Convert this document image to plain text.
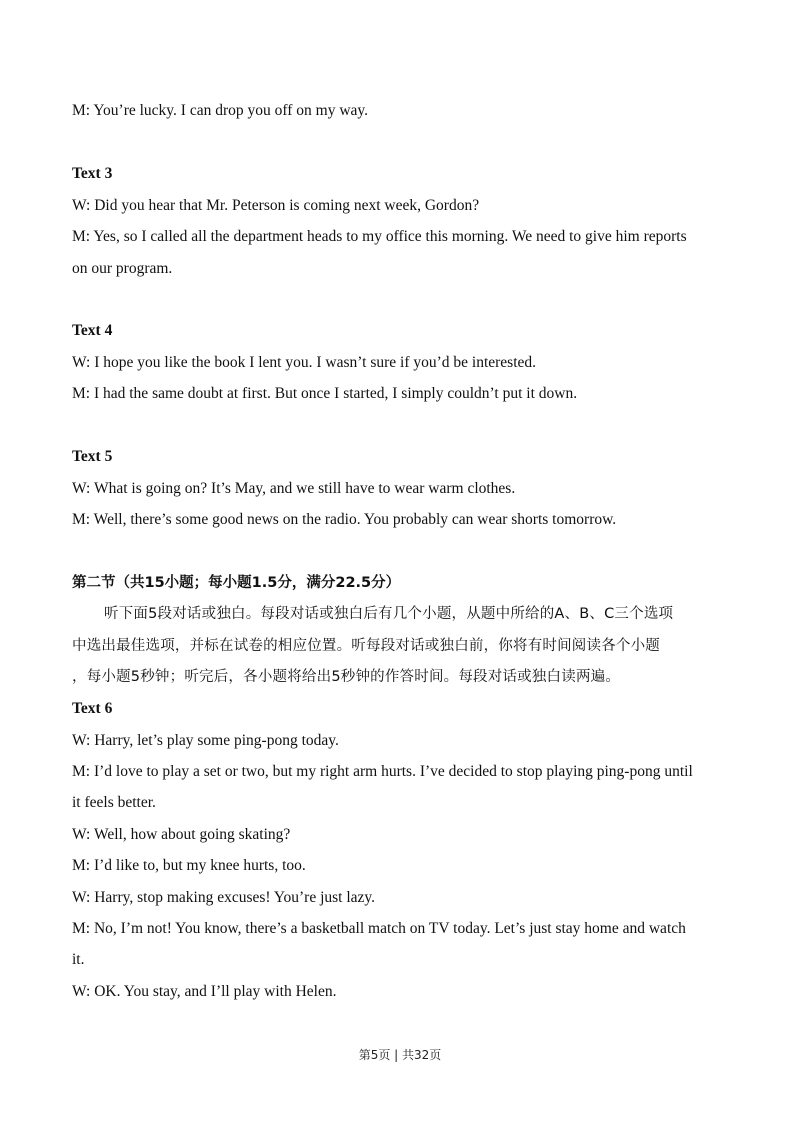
M: You’re lucky. I can drop you off on my way.
Text 3
W: Did you hear that Mr. Peterson is coming next week, Gordon?
M: Yes, so I called all the department heads to my office this morning. We need to give him reports
on our program.
Text 4
W: I hope you like the book I lent you. I wasn’t sure if you’d be interested.
M: I had the same doubt at first. But once I started, I simply couldn’t put it down.
Text 5
W: What is going on? It’s May, and we still have to wear warm clothes.
M: Well, there’s some good news on the radio. You probably can wear shorts tomorrow.
第二节（共15小题；每小题1.5分，满分22.5分）
听下面5段对话或独白。每段对话或独白后有几个小题，从题中所给的A、B、C三个选项
中选出最佳选项，并标在试卷的相应位置。听每段对话或独白前，你将有时间阅读各个小题
，每小题5秒钟；听完后，各小题将给出5秒钟的作答时间。每段对话或独白读两遍。
Text 6
W: Harry, let’s play some ping-pong today.
M: I’d love to play a set or two, but my right arm hurts. I’ve decided to stop playing ping-pong until
it feels better.
W: Well, how about going skating?
M: I’d like to, but my knee hurts, too.
W: Harry, stop making excuses! You’re just lazy.
M: No, I’m not! You know, there’s a basketball match on TV today. Let’s just stay home and watch
it.
W: OK. You stay, and I’ll play with Helen.
第5页 | 共32页
